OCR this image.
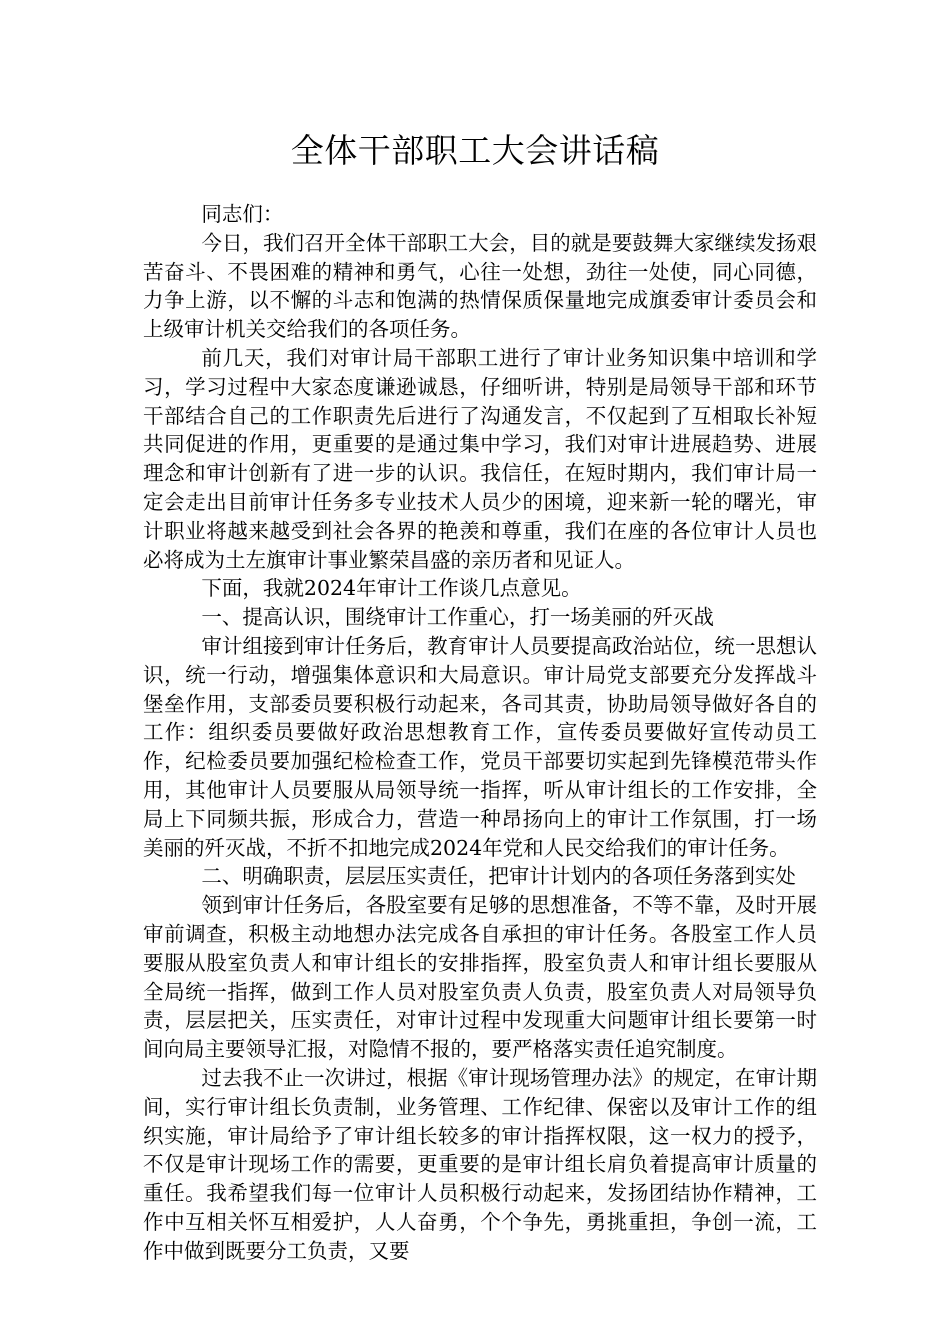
全体干部职工大会讲话稿

同志们：

今日，我们召开全体干部职工大会，目的就是要鼓舞大家继续发扬艰苦奋斗、不畏困难的精神和勇气，心往一处想，劲往一处使，同心同德，力争上游，以不懈的斗志和饱满的热情保质保量地完成旗委审计委员会和上级审计机关交给我们的各项任务。

前几天，我们对审计局干部职工进行了审计业务知识集中培训和学习，学习过程中大家态度谦逊诚恳，仔细听讲，特别是局领导干部和环节干部结合自己的工作职责先后进行了沟通发言，不仅起到了互相取长补短共同促进的作用，更重要的是通过集中学习，我们对审计进展趋势、进展理念和审计创新有了进一步的认识。我信任，在短时期内，我们审计局一定会走出目前审计任务多专业技术人员少的困境，迎来新一轮的曙光，审计职业将越来越受到社会各界的艳羡和尊重，我们在座的各位审计人员也必将成为土左旗审计事业繁荣昌盛的亲历者和见证人。

下面，我就2024年审计工作谈几点意见。

一、提高认识，围绕审计工作重心，打一场美丽的歼灭战

审计组接到审计任务后，教育审计人员要提高政治站位，统一思想认识，统一行动，增强集体意识和大局意识。审计局党支部要充分发挥战斗堡垒作用，支部委员要积极行动起来，各司其责，协助局领导做好各自的工作：组织委员要做好政治思想教育工作，宣传委员要做好宣传动员工作，纪检委员要加强纪检检查工作，党员干部要切实起到先锋模范带头作用，其他审计人员要服从局领导统一指挥，听从审计组长的工作安排，全局上下同频共振，形成合力，营造一种昂扬向上的审计工作氛围，打一场美丽的歼灭战，不折不扣地完成2024年党和人民交给我们的审计任务。

二、明确职责，层层压实责任，把审计计划内的各项任务落到实处

领到审计任务后，各股室要有足够的思想准备，不等不靠，及时开展审前调查，积极主动地想办法完成各自承担的审计任务。各股室工作人员要服从股室负责人和审计组长的安排指挥，股室负责人和审计组长要服从全局统一指挥，做到工作人员对股室负责人负责，股室负责人对局领导负责，层层把关，压实责任，对审计过程中发现重大问题审计组长要第一时间向局主要领导汇报，对隐情不报的，要严格落实责任追究制度。

过去我不止一次讲过，根据《审计现场管理办法》的规定，在审计期间，实行审计组长负责制，业务管理、工作纪律、保密以及审计工作的组织实施，审计局给予了审计组长较多的审计指挥权限，这一权力的授予，不仅是审计现场工作的需要，更重要的是审计组长肩负着提高审计质量的重任。我希望我们每一位审计人员积极行动起来，发扬团结协作精神，工作中互相关怀互相爱护，人人奋勇，个个争先，勇挑重担，争创一流，工作中做到既要分工负责，又要
